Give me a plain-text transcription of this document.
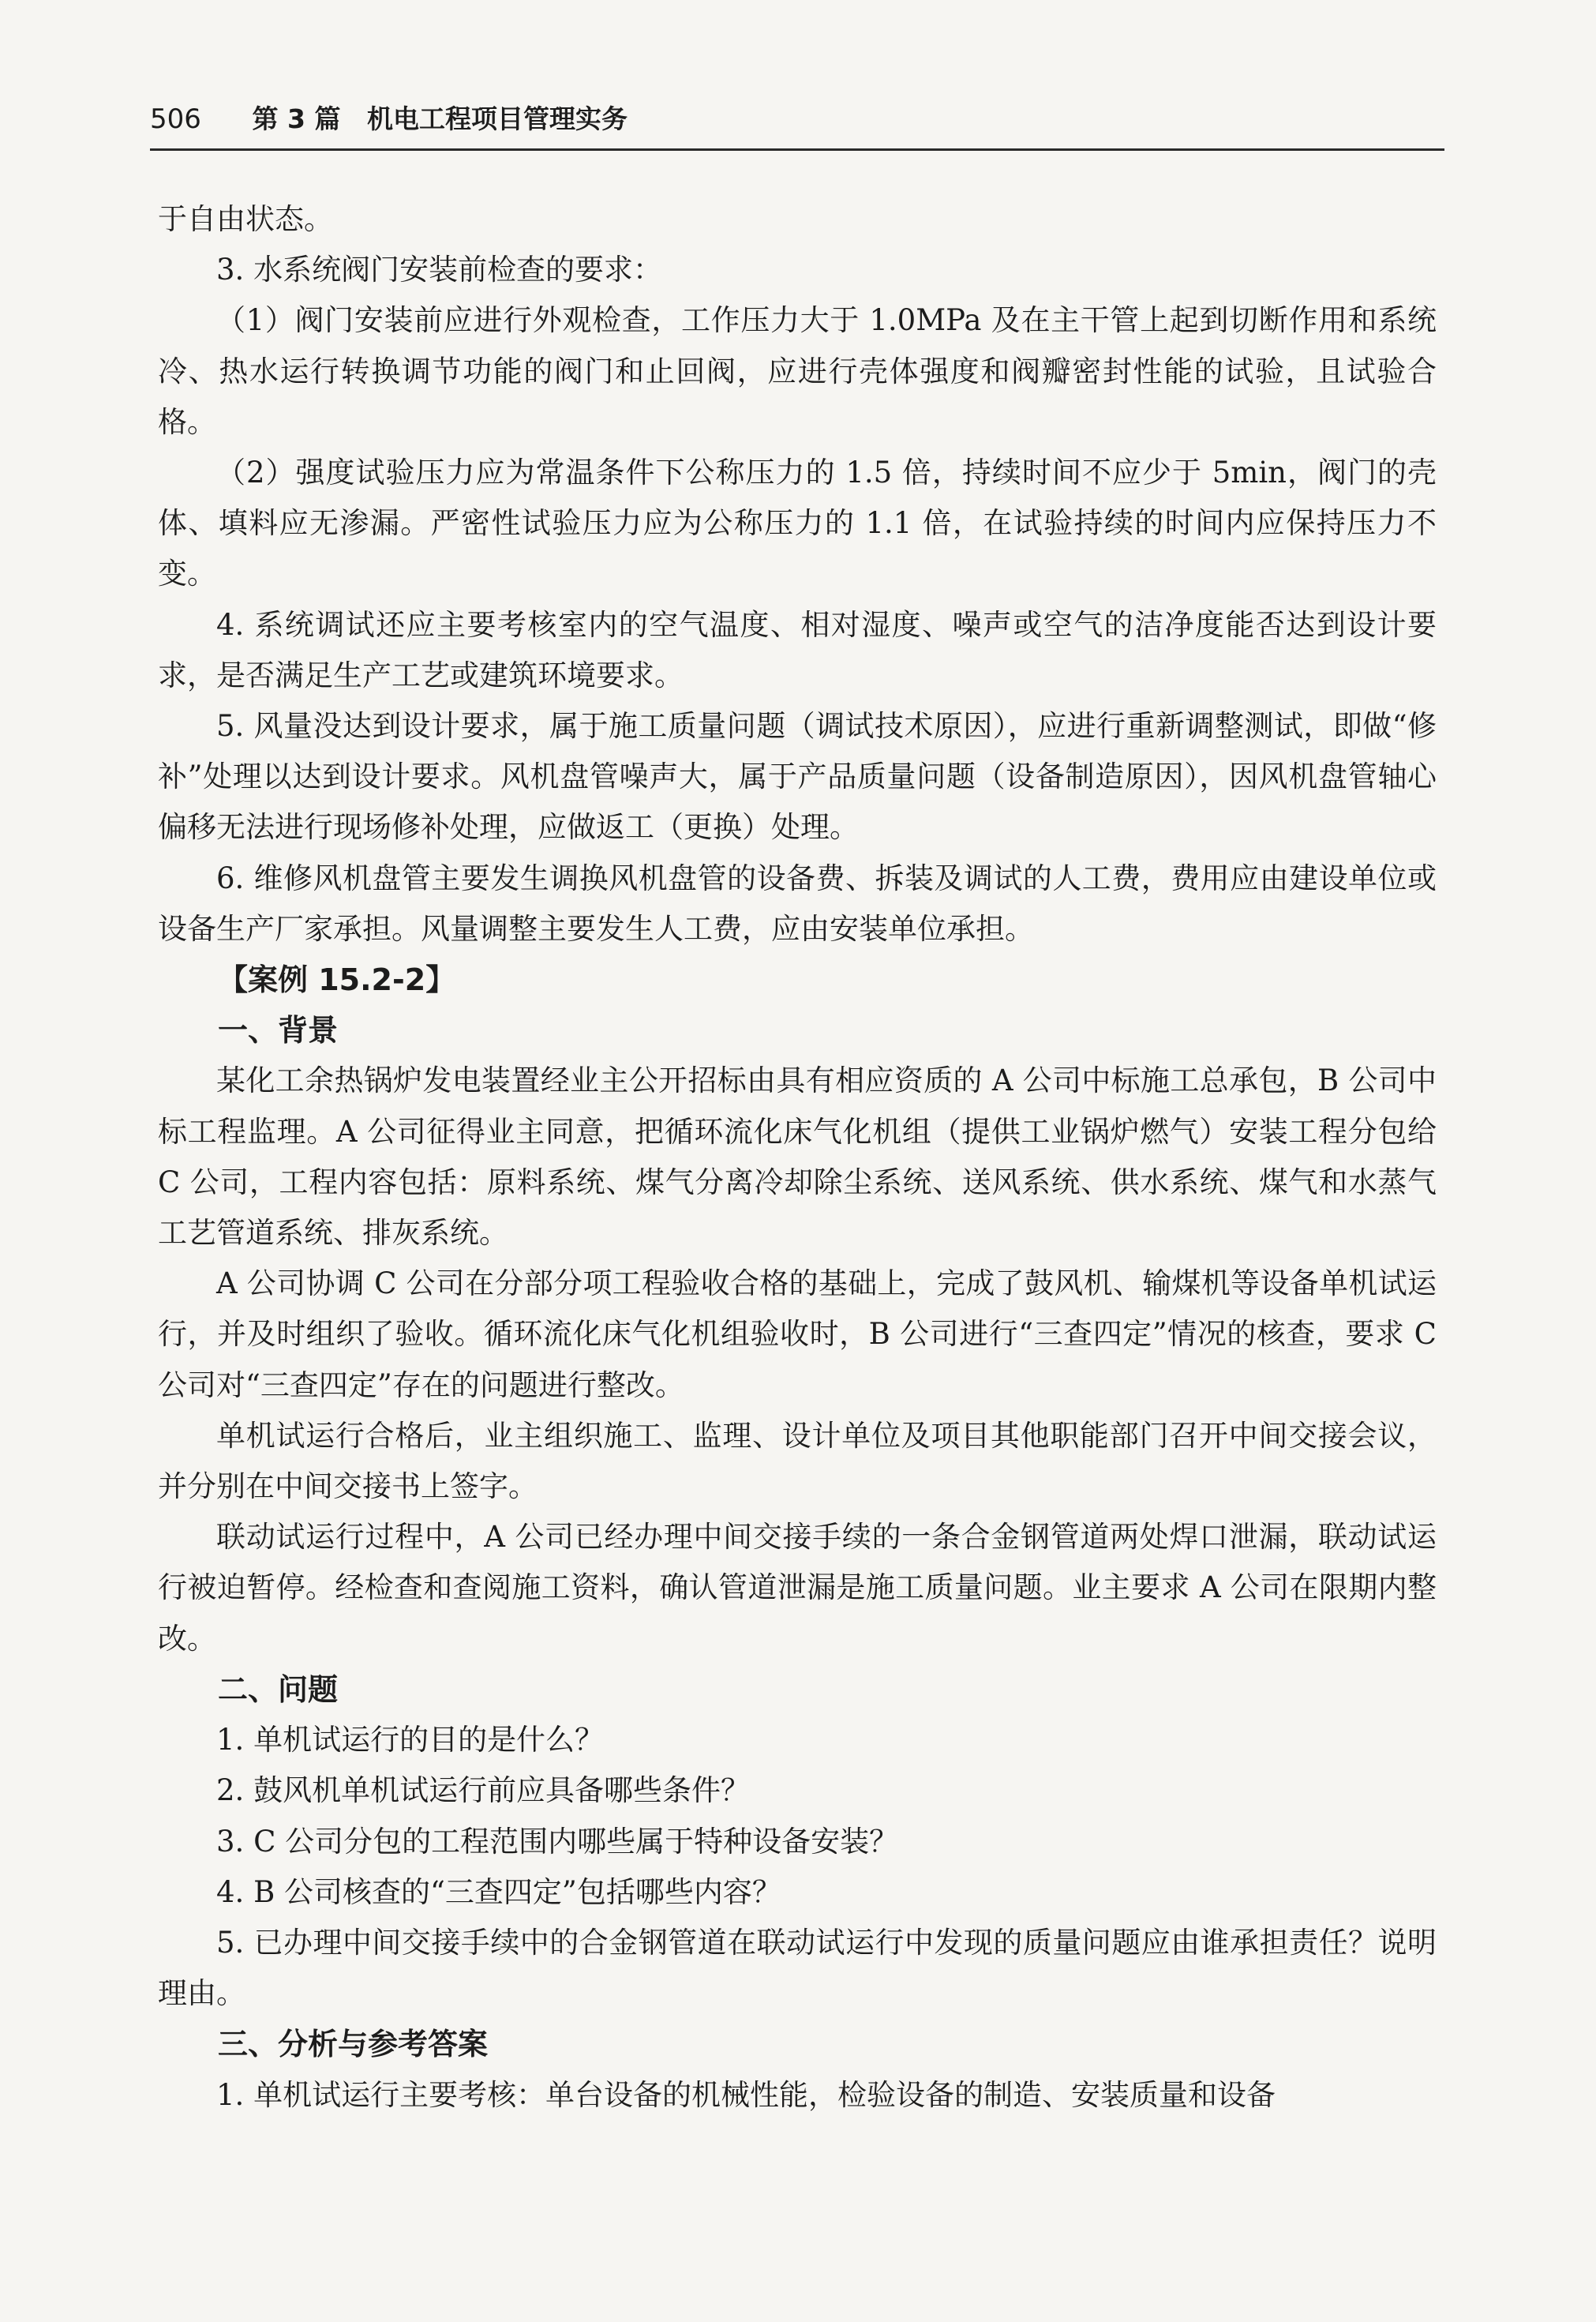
506 第 3 篇 机电工程项目管理实务

于自由状态。

3. 水系统阀门安装前检查的要求：

（1）阀门安装前应进行外观检查，工作压力大于 1.0MPa 及在主干管上起到切断作用和系统冷、热水运行转换调节功能的阀门和止回阀，应进行壳体强度和阀瓣密封性能的试验，且试验合格。

（2）强度试验压力应为常温条件下公称压力的 1.5 倍，持续时间不应少于 5min，阀门的壳体、填料应无渗漏。严密性试验压力应为公称压力的 1.1 倍，在试验持续的时间内应保持压力不变。

4. 系统调试还应主要考核室内的空气温度、相对湿度、噪声或空气的洁净度能否达到设计要求，是否满足生产工艺或建筑环境要求。

5. 风量没达到设计要求，属于施工质量问题（调试技术原因），应进行重新调整测试，即做“修补”处理以达到设计要求。风机盘管噪声大，属于产品质量问题（设备制造原因），因风机盘管轴心偏移无法进行现场修补处理，应做返工（更换）处理。

6. 维修风机盘管主要发生调换风机盘管的设备费、拆装及调试的人工费，费用应由建设单位或设备生产厂家承担。风量调整主要发生人工费，应由安装单位承担。

【案例 15.2-2】

一、背景

某化工余热锅炉发电装置经业主公开招标由具有相应资质的 A 公司中标施工总承包，B 公司中标工程监理。A 公司征得业主同意，把循环流化床气化机组（提供工业锅炉燃气）安装工程分包给 C 公司，工程内容包括：原料系统、煤气分离冷却除尘系统、送风系统、供水系统、煤气和水蒸气工艺管道系统、排灰系统。

A 公司协调 C 公司在分部分项工程验收合格的基础上，完成了鼓风机、输煤机等设备单机试运行，并及时组织了验收。循环流化床气化机组验收时，B 公司进行“三查四定”情况的核查，要求 C 公司对“三查四定”存在的问题进行整改。

单机试运行合格后，业主组织施工、监理、设计单位及项目其他职能部门召开中间交接会议，并分别在中间交接书上签字。

联动试运行过程中，A 公司已经办理中间交接手续的一条合金钢管道两处焊口泄漏，联动试运行被迫暂停。经检查和查阅施工资料，确认管道泄漏是施工质量问题。业主要求 A 公司在限期内整改。

二、问题

1. 单机试运行的目的是什么？

2. 鼓风机单机试运行前应具备哪些条件？

3. C 公司分包的工程范围内哪些属于特种设备安装？

4. B 公司核查的“三查四定”包括哪些内容？

5. 已办理中间交接手续中的合金钢管道在联动试运行中发现的质量问题应由谁承担责任？说明理由。

三、分析与参考答案

1. 单机试运行主要考核：单台设备的机械性能，检验设备的制造、安装质量和设备
